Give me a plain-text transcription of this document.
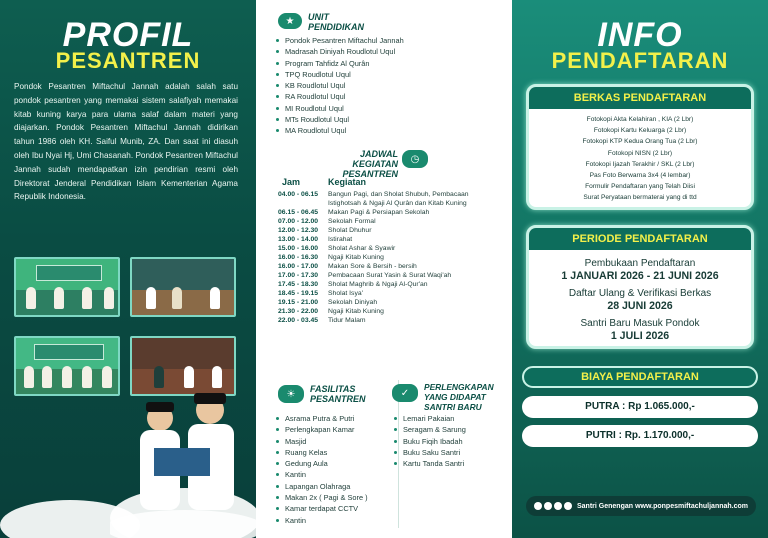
PROFIL
PESANTREN

Pondok Pesantren Miftachul Jannah adalah salah satu pondok pesantren yang memakai sistem salafiyah memakai kitab kuning karya para ulama salaf dalam materi yang diajarkan. Pondok Pesantren Miftachul Jannah didirikan tahun 1986 oleh KH. Saiful Munib, ZA. Dan saat ini diasuh oleh Ibu Nyai Hj, Umi Chasanah. Pondok Pesantren Miftachul Jannah sudah mendapatkan izin pendirian resmi oleh Direktorat Jenderal Pendidikan Islam Kementerian Agama Republik Indonesia.

★	UNIT
PENDIDIKAN
Pondok Pesantren Miftachul Jannah
Madrasah Diniyah Roudlotul Uqul
Program Tahfidz Al Qurân
TPQ Roudlotul Uqul
KB Roudlotul Uqul
RA Roudlotul Uqul
MI Roudlotul Uqul
MTs Roudlotul Uqul
MA Roudlotul Uqul
JADWAL KEGIATAN
PESANTREN
◷
Jam	Kegiatan
04.00 - 06.15	Bangun Pagi, dan Sholat Shubuh, Pembacaan Istighotsah & Ngaji Al Qurân dan Kitab Kuning
06.15 - 06.45	Makan Pagi & Persiapan Sekolah
07.00 - 12.00	Sekolah Formal
12.00 - 12.30	Sholat Dhuhur
13.00 - 14.00	Istirahat
15.00 - 16.00	Sholat Ashar & Syawir
16.00 - 16.30	Ngaji Kitab Kuning
16.00 - 17.00	Makan Sore & Bersih - bersih
17.00 - 17.30	Pembacaan Surat Yasin & Surat Waqi'ah
17.45 - 18.30	Sholat Maghrib & Ngaji Al-Qur'an
18.45 - 19.15	Sholat Isya'
19.15 - 21.00	Sekolah Diniyah
21.30 - 22.00	Ngaji Kitab Kuning
22.00 - 03.45	Tidur Malam
☀	FASILITAS
PESANTREN
Asrama Putra & Putri
Perlengkapan Kamar
Masjid
Ruang Kelas
Gedung Aula
Kantin
Lapangan Olahraga
Makan 2x ( Pagi & Sore )
Kamar terdapat CCTV
Kantin
✓
PERLENGKAPAN
YANG DIDAPAT
SANTRI BARU
Lemari Pakaian
Seragam & Sarung
Buku Fiqih Ibadah
Buku Saku Santri
Kartu Tanda Santri
INFO
PENDAFTARAN
BERKAS PENDAFTARAN
Fotokopi Akta Kelahiran , KIA (2 Lbr)
Fotokopi Kartu Keluarga (2 Lbr)
Fotokopi KTP Kedua Orang Tua (2 Lbr)
Fotokopi NISN (2 Lbr)
Fotokopi Ijazah Terakhir / SKL (2 Lbr)
Pas Foto Berwarna 3x4 (4 lembar)
Formulir Pendaftaran yang Telah Diisi
Surat Peryataan bermaterai yang di ttd
PERIODE PENDAFTARAN
Pembukaan Pendaftaran
1 JANUARI 2026 - 21 JUNI 2026
Daftar Ulang & Verifikasi Berkas
28 JUNI 2026
Santri Baru Masuk Pondok
1 JULI 2026
BIAYA PENDAFTARAN
PUTRA : Rp 1.065.000,-
PUTRI : Rp. 1.170.000,-
Santri Genengan www.ponpesmiftachuljannah.com
